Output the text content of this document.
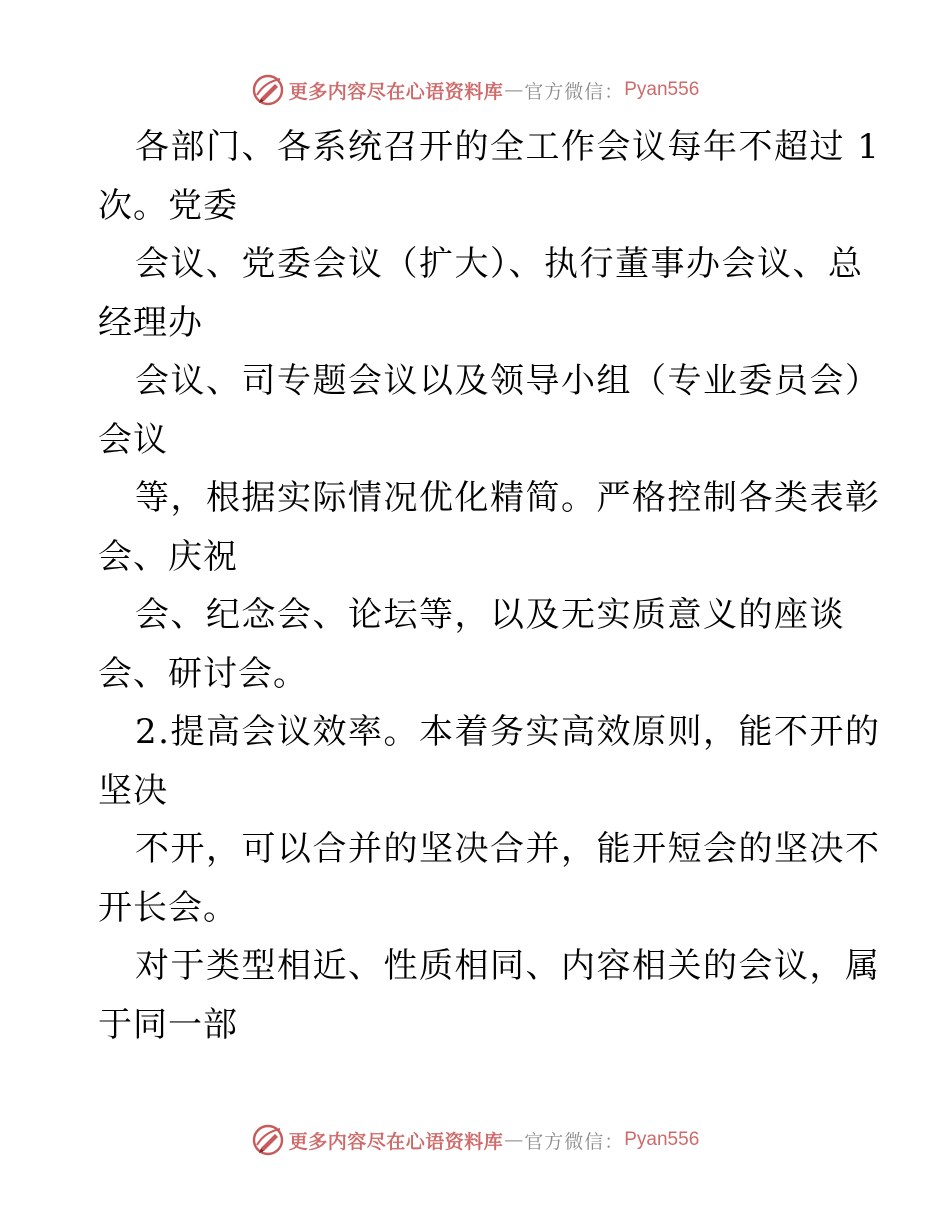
更多内容尽在心语资料库 — 官方微信： Pyan556
各部门、各系统召开的全工作会议每年不超过 1
次。党委
会议、党委会议（扩大）、执行董事办会议、总
经理办
会议、司专题会议以及领导小组（专业委员会）
会议
等，根据实际情况优化精简。严格控制各类表彰
会、庆祝
会、纪念会、论坛等，以及无实质意义的座谈
会、研讨会。
2.提高会议效率。本着务实高效原则，能不开的
坚决
不开，可以合并的坚决合并，能开短会的坚决不
开长会。
对于类型相近、性质相同、内容相关的会议，属
于同一部
更多内容尽在心语资料库 — 官方微信： Pyan556
